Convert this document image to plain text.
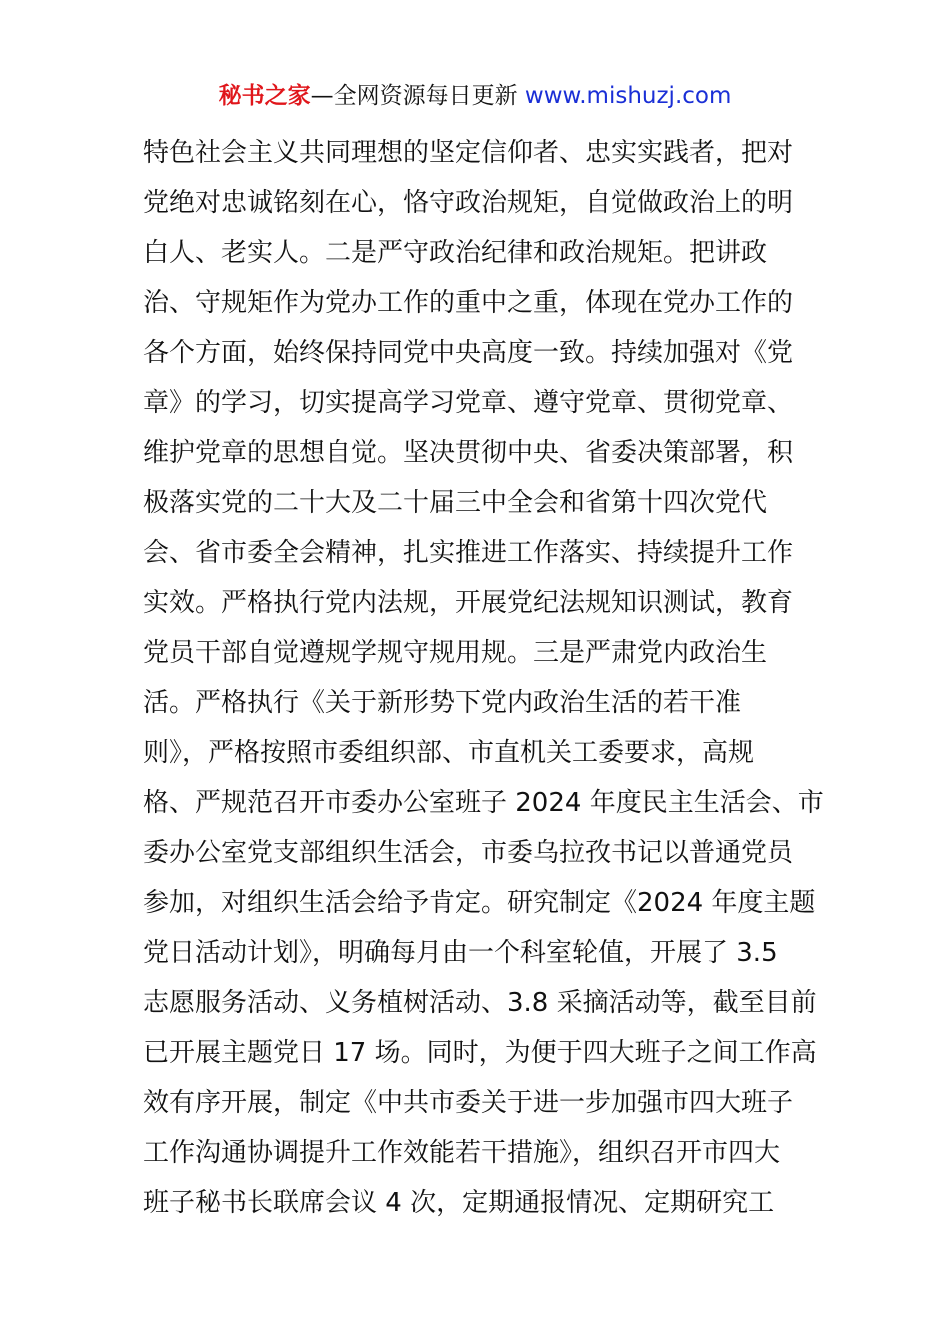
秘书之家—全网资源每日更新 www.mishuzj.com
特色社会主义共同理想的坚定信仰者、忠实实践者，把对
党绝对忠诚铭刻在心，恪守政治规矩，自觉做政治上的明
白人、老实人。二是严守政治纪律和政治规矩。把讲政
治、守规矩作为党办工作的重中之重，体现在党办工作的
各个方面，始终保持同党中央高度一致。持续加强对《党
章》的学习，切实提高学习党章、遵守党章、贯彻党章、
维护党章的思想自觉。坚决贯彻中央、省委决策部署，积
极落实党的二十大及二十届三中全会和省第十四次党代
会、省市委全会精神，扎实推进工作落实、持续提升工作
实效。严格执行党内法规，开展党纪法规知识测试，教育
党员干部自觉遵规学规守规用规。三是严肃党内政治生
活。严格执行《关于新形势下党内政治生活的若干准
则》，严格按照市委组织部、市直机关工委要求，高规
格、严规范召开市委办公室班子 2024 年度民主生活会、市
委办公室党支部组织生活会，市委乌拉孜书记以普通党员
参加，对组织生活会给予肯定。研究制定《2024 年度主题
党日活动计划》，明确每月由一个科室轮值，开展了 3.5
志愿服务活动、义务植树活动、3.8 采摘活动等，截至目前
已开展主题党日 17 场。同时，为便于四大班子之间工作高
效有序开展，制定《中共市委关于进一步加强市四大班子
工作沟通协调提升工作效能若干措施》，组织召开市四大
班子秘书长联席会议 4 次，定期通报情况、定期研究工
